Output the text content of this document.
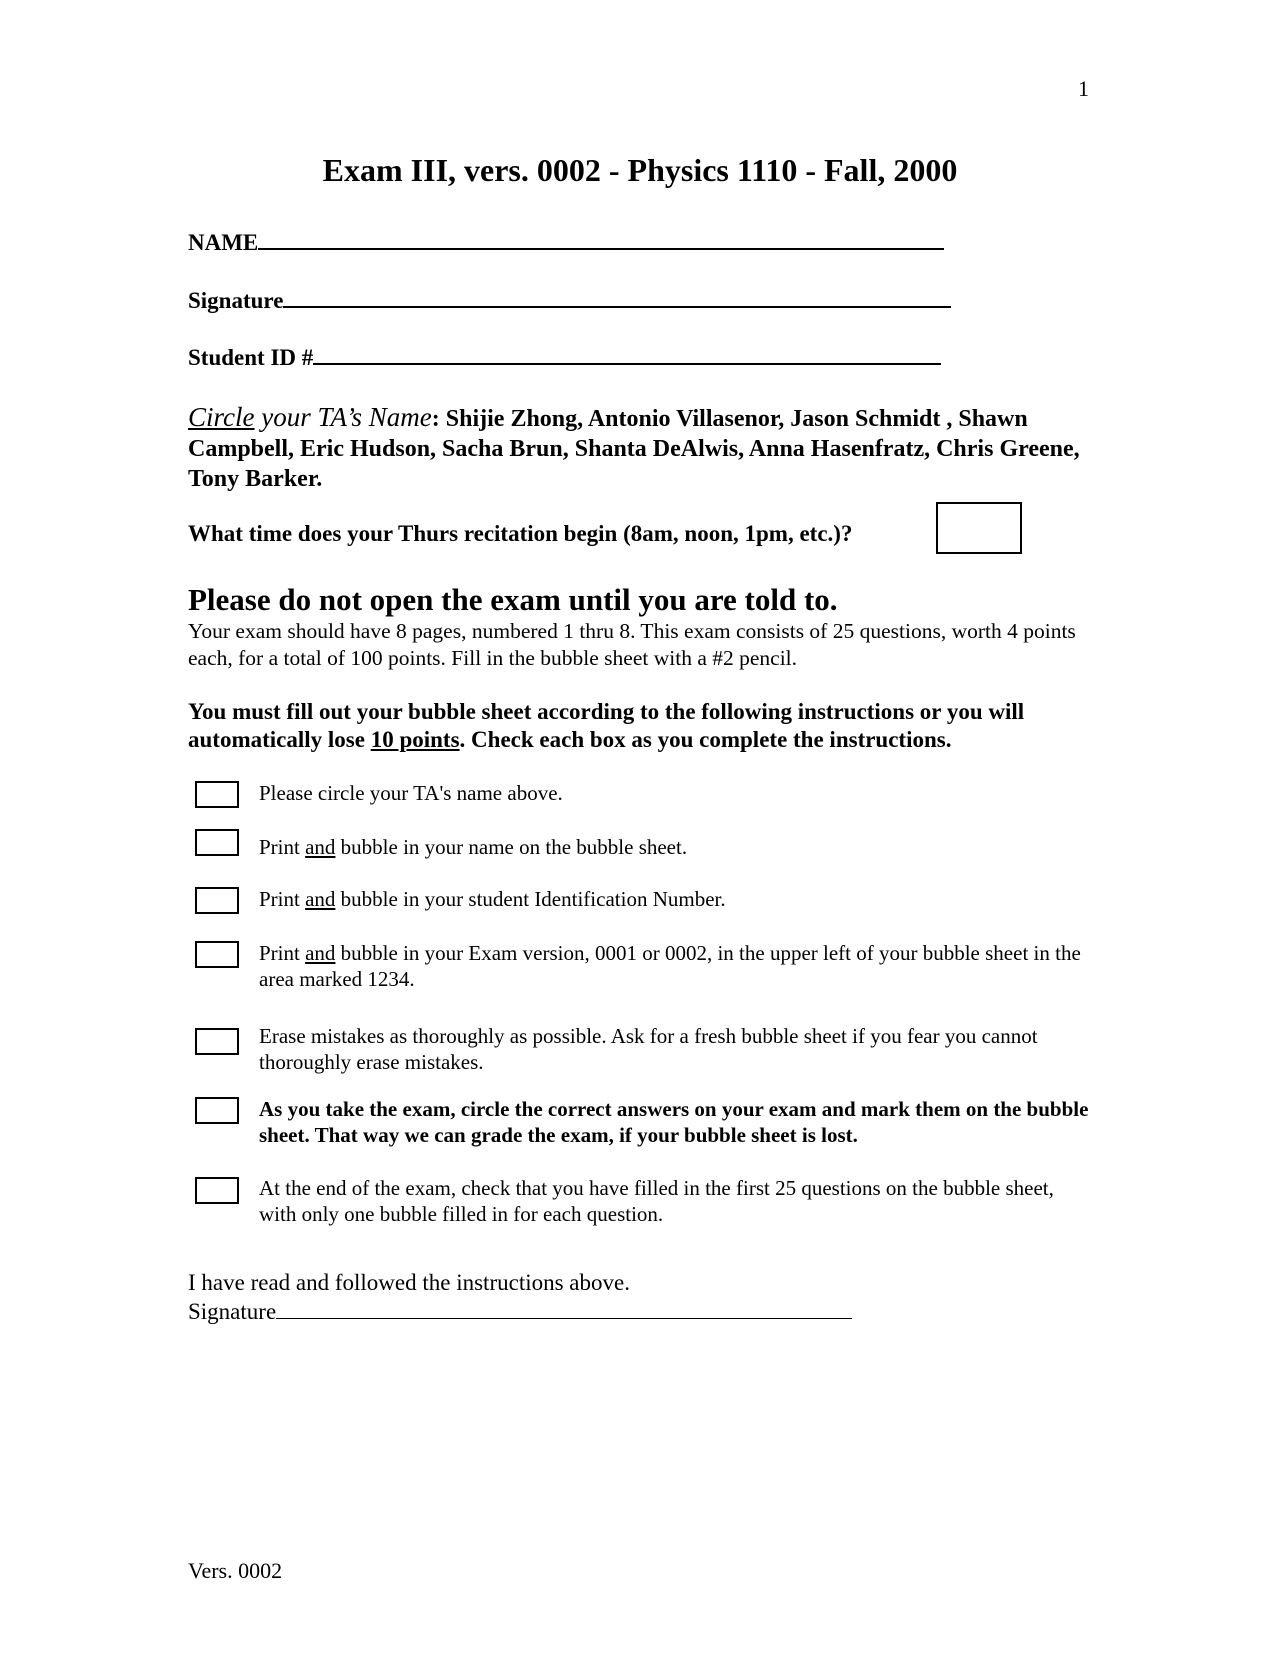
1
Exam III, vers. 0002 - Physics 1110 - Fall, 2000
NAME
Signature
Student ID #
Circle your TA’s Name: Shijie Zhong, Antonio Villasenor, Jason Schmidt , Shawn Campbell, Eric Hudson, Sacha Brun, Shanta DeAlwis, Anna Hasenfratz, Chris Greene, Tony Barker.
What time does your Thurs recitation begin (8am, noon, 1pm, etc.)?
Please do not open the exam until you are told to.
Your exam should have 8 pages, numbered 1 thru 8. This exam consists of 25 questions, worth 4 points each, for a total of 100 points. Fill in the bubble sheet with a #2 pencil.
You must fill out your bubble sheet according to the following instructions or you will automatically lose 10 points. Check each box as you complete the instructions.
Please circle your TA's name above.
Print and bubble in your name on the bubble sheet.
Print and bubble in your student Identification Number.
Print and bubble in your Exam version, 0001 or 0002, in the upper left of your bubble sheet in the area marked 1234.
Erase mistakes as thoroughly as possible. Ask for a fresh bubble sheet if you fear you cannot thoroughly erase mistakes.
As you take the exam, circle the correct answers on your exam and mark them on the bubble sheet. That way we can grade the exam, if your bubble sheet is lost.
At the end of the exam, check that you have filled in the first 25 questions on the bubble sheet, with only one bubble filled in for each question.
I have read and followed the instructions above.
Signature
Vers. 0002
